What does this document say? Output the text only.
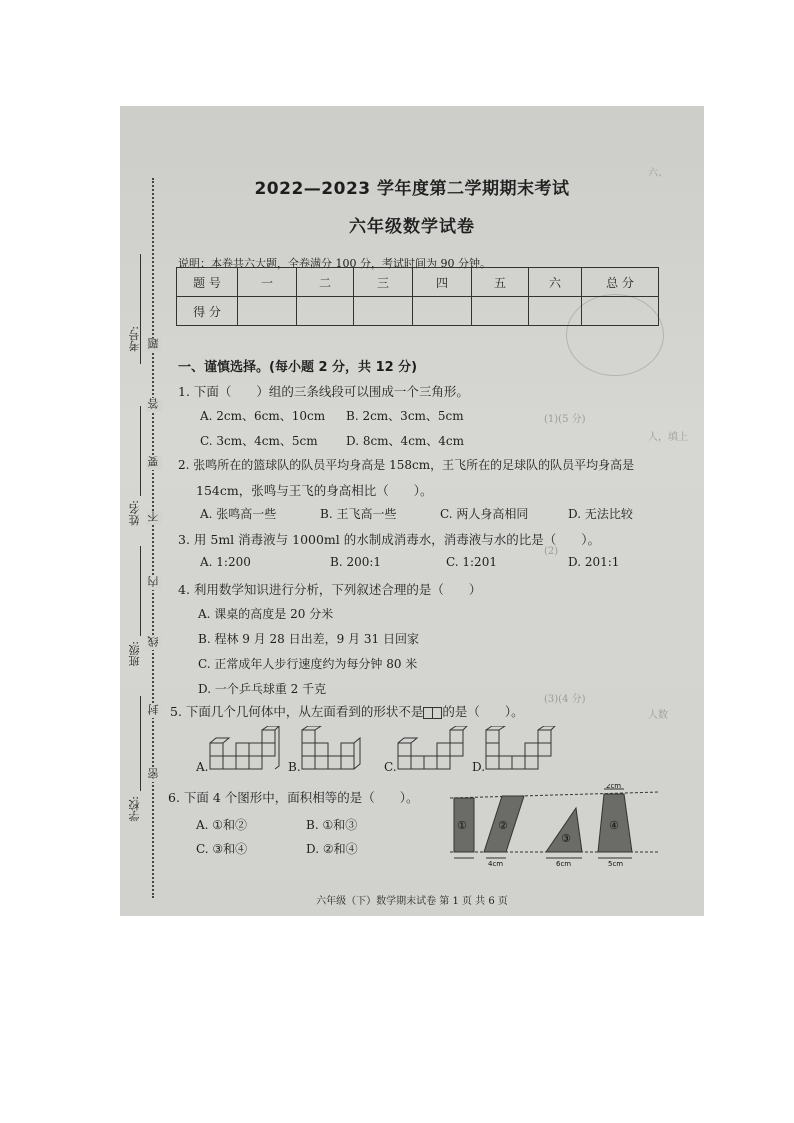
考号:
姓名:
班级:
学校:
题
答
要
不
内
线
封
密
六、
(1)(5 分)
人，填上
(2)
(3)(4 分)
人数
2022—2023 学年度第二学期期末考试
六年级数学试卷
说明：本卷共六大题，全卷满分 100 分，考试时间为 90 分钟。
题 号	一	二	三	四	五	六	总 分
得 分							
一、谨慎选择。(每小题 2 分，共 12 分)
1. 下面（　　）组的三条线段可以围成一个三角形。
A. 2cm、6cm、10cm B. 2cm、3cm、5cm
C. 3cm、4cm、5cm D. 8cm、4cm、4cm
2. 张鸣所在的篮球队的队员平均身高是 158cm，王飞所在的足球队的队员平均身高是
154cm，张鸣与王飞的身高相比（　　）。
A. 张鸣高一些	B. 王飞高一些	C. 两人身高相同	D. 无法比较
3. 用 5ml 消毒液与 1000ml 的水制成消毒水，消毒液与水的比是（　　）。
A. 1:200	B. 200:1	C. 1:201	D. 201:1
4. 利用数学知识进行分析，下列叙述合理的是（　　）
A. 课桌的高度是 20 分米
B. 程林 9 月 28 日出差，9 月 31 日回家
C. 正常成年人步行速度约为每分钟 80 米
D. 一个乒乓球重 2 千克
5. 下面几个几何体中，从左面看到的形状不是 的是（　　）。
A.	B.	C.	D.
6. 下面 4 个图形中，面积相等的是（　　）。
A. ①和②	B. ①和③
C. ③和④	D. ②和④
①	②
③
④
2cm
4cm	6cm	5cm
六年级（下）数学期末试卷 第 1 页 共 6 页
